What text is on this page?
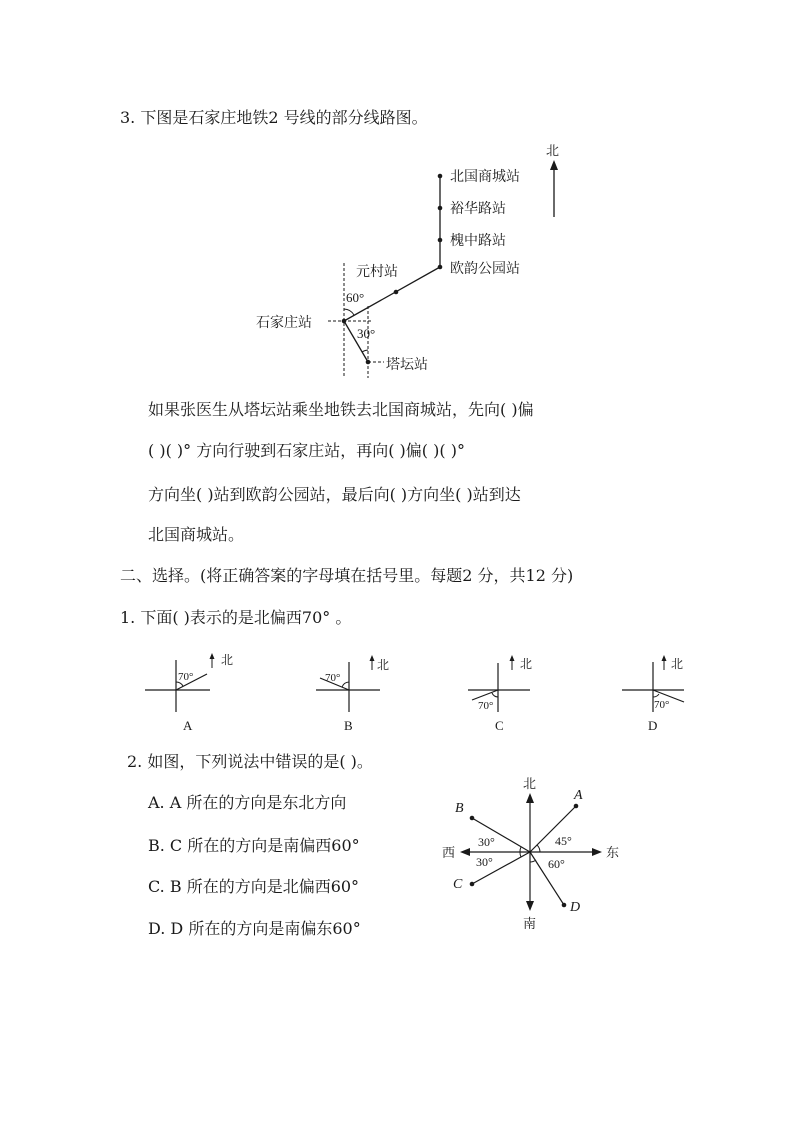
3. 下图是石家庄地铁2 号线的部分线路图。
北
北国商城站
裕华路站
槐中路站
欧韵公园站
元村站
石家庄站
塔坛站
60°
30°
如果张医生从塔坛站乘坐地铁去北国商城站，先向( )偏
( )( )° 方向行驶到石家庄站，再向( )偏( )( )°
方向坐( )站到欧韵公园站，最后向( )方向坐( )站到达
北国商城站。
二、选择。(将正确答案的字母填在括号里。每题2 分，共12 分)
1. 下面( )表示的是北偏西70° 。
70°
北
A
70°
北
B
70°
北
C
70°
北
D
2. 如图，下列说法中错误的是( )。
A. A 所在的方向是东北方向
B. C 所在的方向是南偏西60°
C. B 所在的方向是北偏西60°
D. D 所在的方向是南偏东60°
北
南
西	东
A
B
C
D
45°
30°
30°	60°
